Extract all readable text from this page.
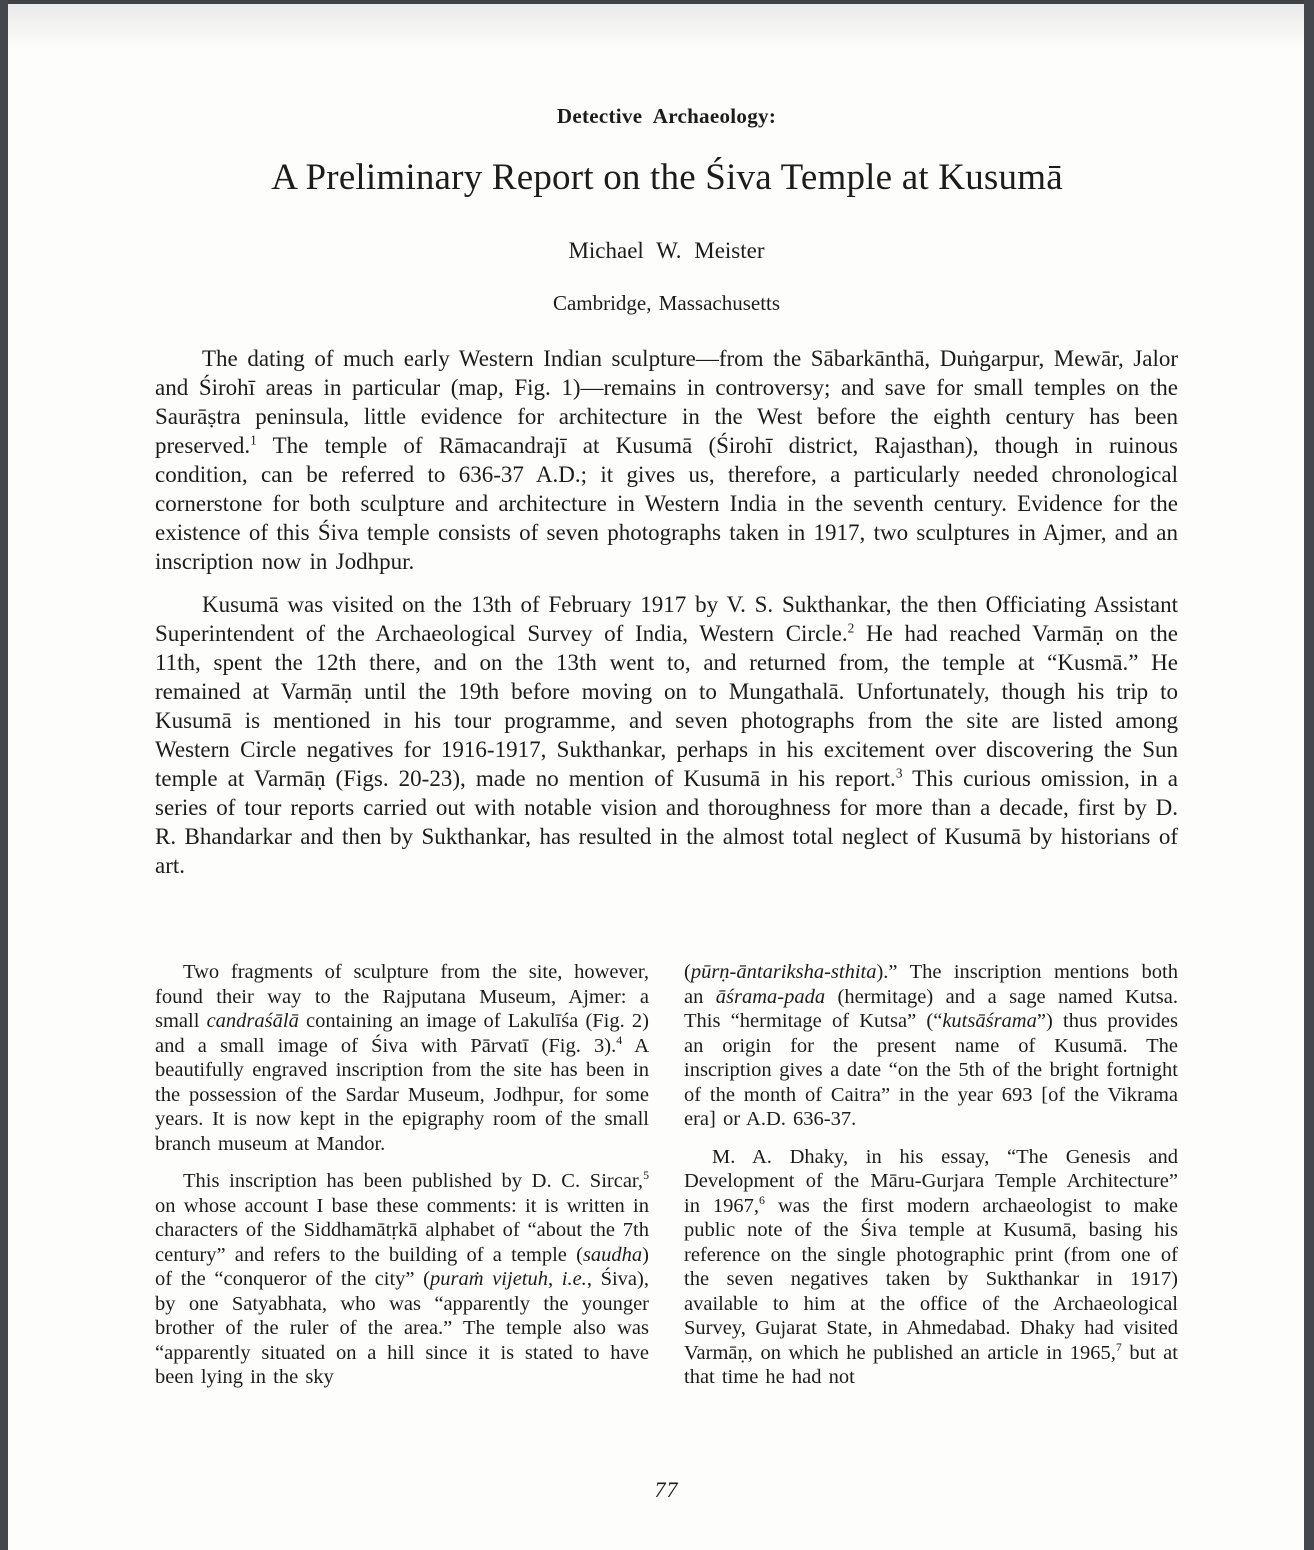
Detective Archaeology:
A Preliminary Report on the Śiva Temple at Kusumā
Michael W. Meister
Cambridge, Massachusetts

The dating of much early Western Indian sculpture—from the Sābarkānthā, Duṅgarpur, Mewār, Jalor and Śirohī areas in particular (map, Fig. 1)—remains in controversy; and save for small temples on the Saurāṣtra peninsula, little evidence for architecture in the West before the eighth century has been preserved.$^1$ The temple of Rāmacandrajī at Kusumā (Śirohī district, Rajasthan), though in ruinous condition, can be referred to 636-37 A.D.; it gives us, therefore, a particularly needed chronological cornerstone for both sculpture and architecture in Western India in the seventh century. Evidence for the existence of this Śiva temple consists of seven photographs taken in 1917, two sculptures in Ajmer, and an inscription now in Jodhpur.

Kusumā was visited on the 13th of February 1917 by V. S. Sukthankar, the then Officiating Assistant Superintendent of the Archaeological Survey of India, Western Circle.$^2$ He had reached Varmāṇ on the 11th, spent the 12th there, and on the 13th went to, and returned from, the temple at “Kusmā.” He remained at Varmāṇ until the 19th before moving on to Mungathalā. Unfortunately, though his trip to Kusumā is mentioned in his tour programme, and seven photographs from the site are listed among Western Circle negatives for 1916-1917, Sukthankar, perhaps in his excitement over discovering the Sun temple at Varmāṇ (Figs. 20-23), made no mention of Kusumā in his report.$^3$ This curious omission, in a series of tour reports carried out with notable vision and thoroughness for more than a decade, first by D. R. Bhandarkar and then by Sukthankar, has resulted in the almost total neglect of Kusumā by historians of art.

Two fragments of sculpture from the site, however, found their way to the Rajputana Museum, Ajmer: a small candraśālā containing an image of Lakulīśa (Fig. 2) and a small image of Śiva with Pārvatī (Fig. 3).$^4$ A beautifully engraved inscription from the site has been in the possession of the Sardar Museum, Jodhpur, for some years. It is now kept in the epigraphy room of the small branch museum at Mandor.

This inscription has been published by D. C. Sircar,$^5$ on whose account I base these comments: it is written in characters of the Siddhamātṛkā alphabet of “about the 7th century” and refers to the building of a temple (saudha) of the “conqueror of the city” (puraṁ vijetuh, i.e., Śiva), by one Satyabhata, who was “apparently the younger brother of the ruler of the area.” The temple also was “apparently situated on a hill since it is stated to have been lying in the sky

(pūrṇ-āntariksha-sthita).” The inscription mentions both an āśrama-pada (hermitage) and a sage named Kutsa. This “hermitage of Kutsa” (“kutsāśrama”) thus provides an origin for the present name of Kusumā. The inscription gives a date “on the 5th of the bright fortnight of the month of Caitra” in the year 693 [of the Vikrama era] or A.D. 636-37.

M. A. Dhaky, in his essay, “The Genesis and Development of the Māru-Gurjara Temple Architecture” in 1967,$^6$ was the first modern archaeologist to make public note of the Śiva temple at Kusumā, basing his reference on the single photographic print (from one of the seven negatives taken by Sukthankar in 1917) available to him at the office of the Archaeological Survey, Gujarat State, in Ahmedabad. Dhaky had visited Varmāṇ, on which he published an article in 1965,$^7$ but at that time he had not

77
